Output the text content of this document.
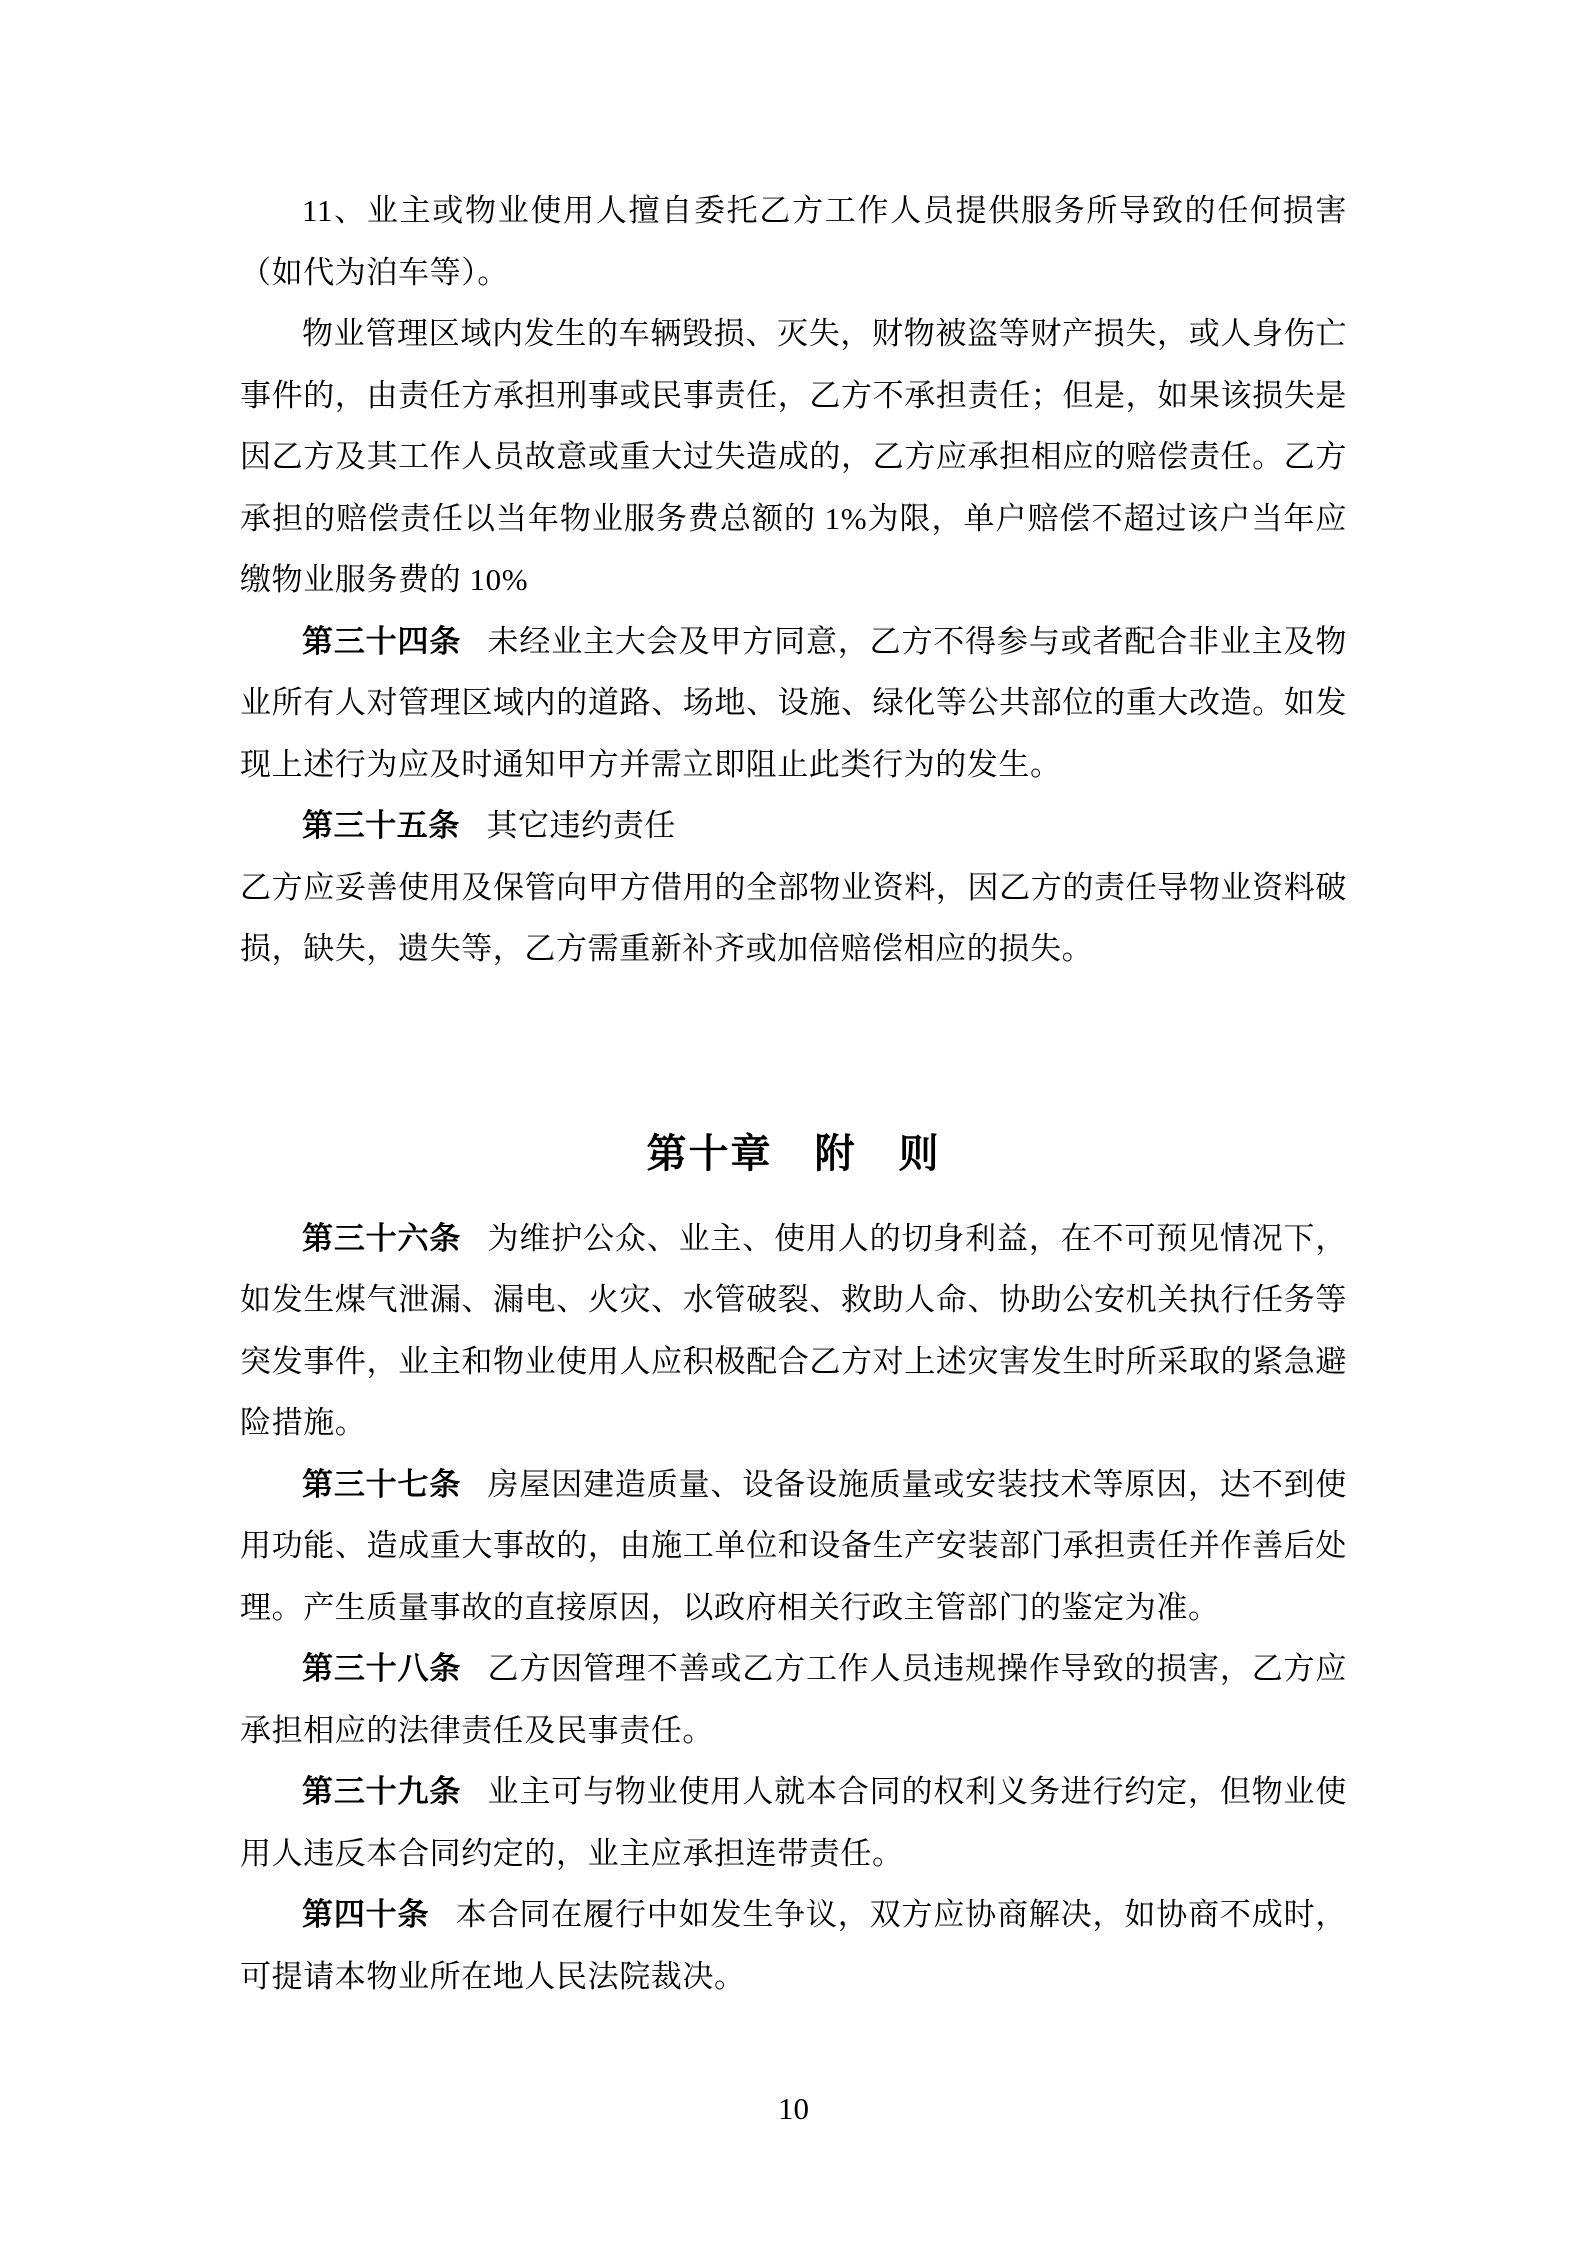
11、业主或物业使用人擅自委托乙方工作人员提供服务所导致的任何损害（如代为泊车等）。

物业管理区域内发生的车辆毁损、灭失，财物被盗等财产损失，或人身伤亡事件的，由责任方承担刑事或民事责任，乙方不承担责任；但是，如果该损失是因乙方及其工作人员故意或重大过失造成的，乙方应承担相应的赔偿责任。乙方承担的赔偿责任以当年物业服务费总额的 1%为限，单户赔偿不超过该户当年应缴物业服务费的 10%

第三十四条 未经业主大会及甲方同意，乙方不得参与或者配合非业主及物业所有人对管理区域内的道路、场地、设施、绿化等公共部位的重大改造。如发现上述行为应及时通知甲方并需立即阻止此类行为的发生。

第三十五条 其它违约责任

乙方应妥善使用及保管向甲方借用的全部物业资料，因乙方的责任导物业资料破损，缺失，遗失等，乙方需重新补齐或加倍赔偿相应的损失。

第十章　附　则

第三十六条 为维护公众、业主、使用人的切身利益，在不可预见情况下，如发生煤气泄漏、漏电、火灾、水管破裂、救助人命、协助公安机关执行任务等突发事件，业主和物业使用人应积极配合乙方对上述灾害发生时所采取的紧急避险措施。

第三十七条 房屋因建造质量、设备设施质量或安装技术等原因，达不到使用功能、造成重大事故的，由施工单位和设备生产安装部门承担责任并作善后处理。产生质量事故的直接原因，以政府相关行政主管部门的鉴定为准。

第三十八条 乙方因管理不善或乙方工作人员违规操作导致的损害，乙方应承担相应的法律责任及民事责任。

第三十九条 业主可与物业使用人就本合同的权利义务进行约定，但物业使用人违反本合同约定的，业主应承担连带责任。

第四十条 本合同在履行中如发生争议，双方应协商解决，如协商不成时，可提请本物业所在地人民法院裁决。

10
